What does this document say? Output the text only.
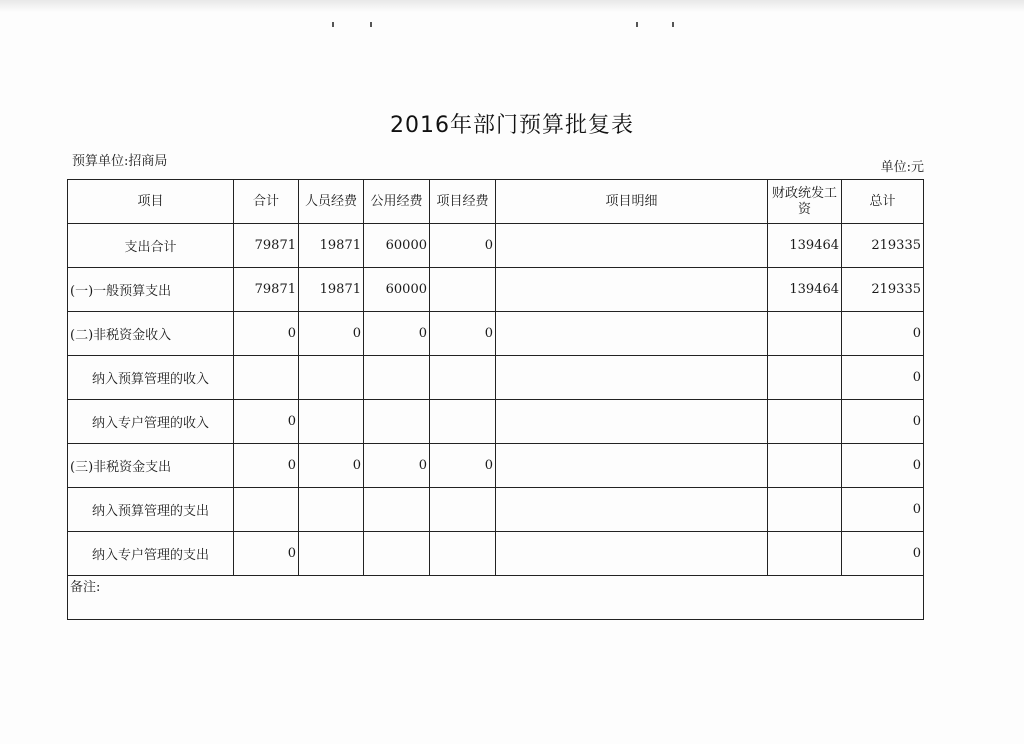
2016年部门预算批复表
预算单位:招商局	单位:元
项目	合计	人员经费	公用经费	项目经费	项目明细	财政统发工资	总计
支出合计	79871	19871	60000	0		139464	219335
(一)一般预算支出	79871	19871	60000			139464	219335
(二)非税资金收入	0	0	0	0			0
纳入预算管理的收入							0
纳入专户管理的收入	0						0
(三)非税资金支出	0	0	0	0			0
纳入预算管理的支出							0
纳入专户管理的支出	0						0
备注:							
